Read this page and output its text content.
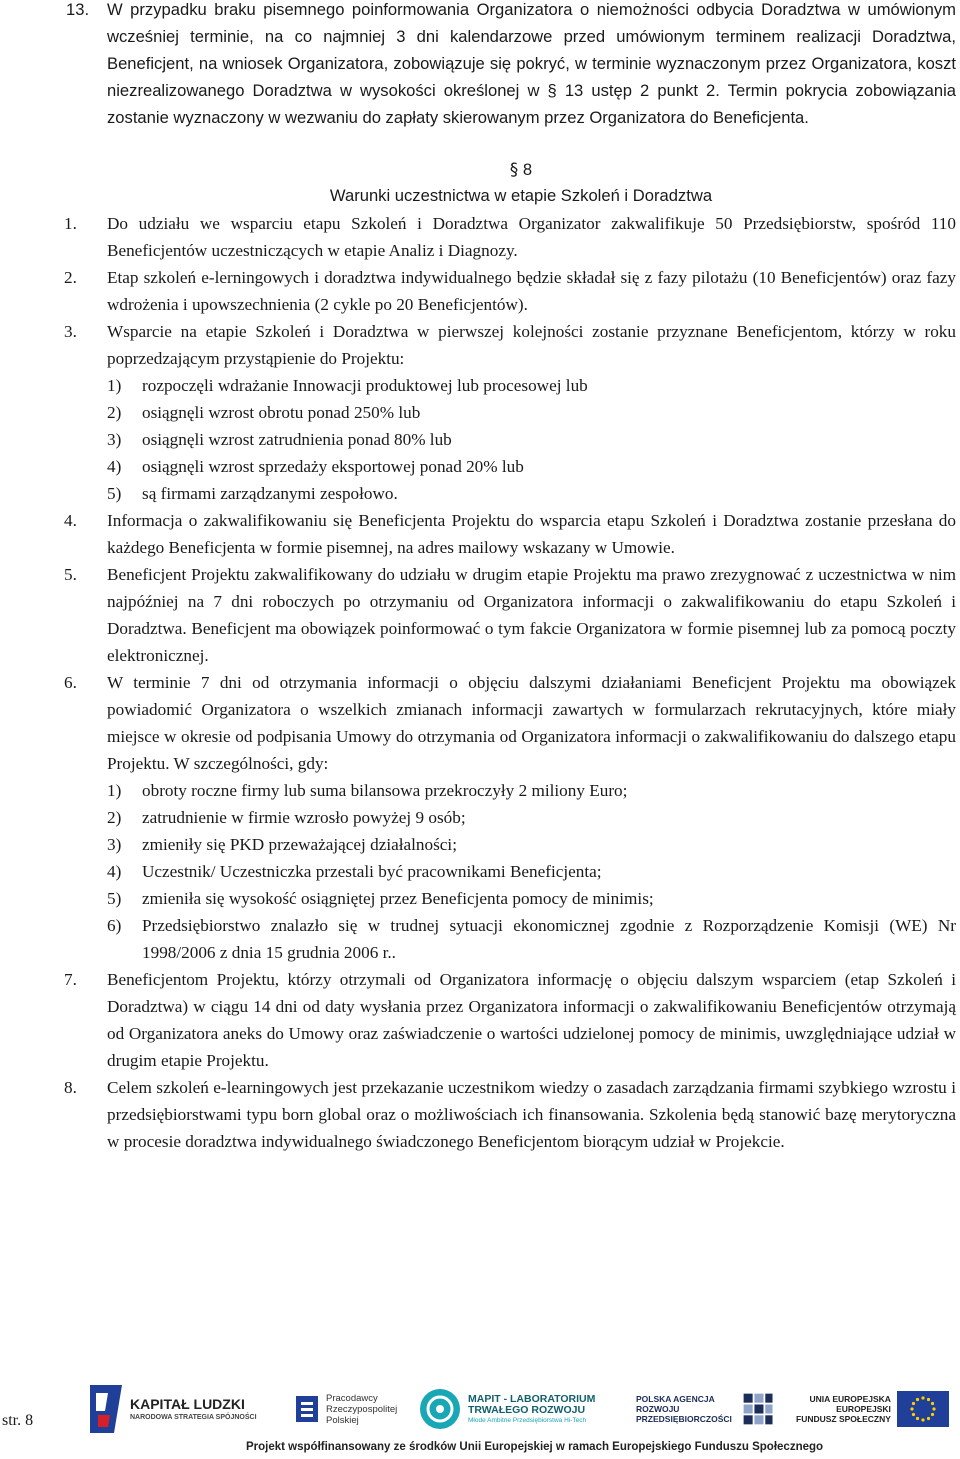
13. W przypadku braku pisemnego poinformowania Organizatora o niemożności odbycia Doradztwa w umówionym wcześniej terminie, na co najmniej 3 dni kalendarzowe przed umówionym terminem realizacji Doradztwa, Beneficjent, na wniosek Organizatora, zobowiązuje się pokryć, w terminie wyznaczonym przez Organizatora, koszt niezrealizowanego Doradztwa w wysokości określonej w § 13 ustęp 2 punkt 2. Termin pokrycia zobowiązania zostanie wyznaczony w wezwaniu do zapłaty skierowanym przez Organizatora do Beneficjenta.
§ 8
Warunki uczestnictwa w etapie Szkoleń i Doradztwa
1. Do udziału we wsparciu etapu Szkoleń i Doradztwa Organizator zakwalifikuje 50 Przedsiębiorstw, spośród 110 Beneficjentów uczestniczących w etapie Analiz i Diagnozy.
2. Etap szkoleń e-lerningowych i doradztwa indywidualnego będzie składał się z fazy pilotażu (10 Beneficjentów) oraz fazy wdrożenia i upowszechnienia (2 cykle po 20 Beneficjentów).
3. Wsparcie na etapie Szkoleń i Doradztwa w pierwszej kolejności zostanie przyznane Beneficjentom, którzy w roku poprzedzającym przystąpienie do Projektu:
1) rozpoczęli wdrażanie Innowacji produktowej lub procesowej lub
2) osiągnęli wzrost obrotu ponad 250% lub
3) osiągnęli wzrost zatrudnienia ponad 80% lub
4) osiągnęli wzrost sprzedaży eksportowej ponad 20% lub
5) są firmami zarządzanymi zespołowo.
4. Informacja o zakwalifikowaniu się Beneficjenta Projektu do wsparcia etapu Szkoleń i Doradztwa zostanie przesłana do każdego Beneficjenta w formie pisemnej, na adres mailowy wskazany w Umowie.
5. Beneficjent Projektu zakwalifikowany do udziału w drugim etapie Projektu ma prawo zrezygnować z uczestnictwa w nim najpóźniej na 7 dni roboczych po otrzymaniu od Organizatora informacji o zakwalifikowaniu do etapu Szkoleń i Doradztwa. Beneficjent ma obowiązek poinformować o tym fakcie Organizatora w formie pisemnej lub za pomocą poczty elektronicznej.
6. W terminie 7 dni od otrzymania informacji o objęciu dalszymi działaniami Beneficjent Projektu ma obowiązek powiadomić Organizatora o wszelkich zmianach informacji zawartych w formularzach rekrutacyjnych, które miały miejsce w okresie od podpisania Umowy do otrzymania od Organizatora informacji o zakwalifikowaniu do dalszego etapu Projektu. W szczególności, gdy:
1) obroty roczne firmy lub suma bilansowa przekroczyły 2 miliony Euro;
2) zatrudnienie w firmie wzrosło powyżej 9 osób;
3) zmieniły się PKD przeważającej działalności;
4) Uczestnik/ Uczestniczka przestali być pracownikami Beneficjenta;
5) zmieniła się wysokość osiągniętej przez Beneficjenta pomocy de minimis;
6) Przedsiębiorstwo znalazło się w trudnej sytuacji ekonomicznej zgodnie z Rozporządzenie Komisji (WE) Nr 1998/2006 z dnia 15 grudnia 2006 r..
7. Beneficjentom Projektu, którzy otrzymali od Organizatora informację o objęciu dalszym wsparciem (etap Szkoleń i Doradztwa) w ciągu 14 dni od daty wysłania przez Organizatora informacji o zakwalifikowaniu Beneficjentów otrzymają od Organizatora aneks do Umowy oraz zaświadczenie o wartości udzielonej pomocy de minimis, uwzględniające udział w drugim etapie Projektu.
8. Celem szkoleń e-learningowych jest przekazanie uczestnikom wiedzy o zasadach zarządzania firmami szybkiego wzrostu i przedsiębiorstwami typu born global oraz o możliwościach ich finansowania. Szkolenia będą stanowić bazę merytoryczna w procesie doradztwa indywidualnego świadczonego Beneficjentom biorącym udział w Projekcie.
str. 8
KAPITAŁ LUDZKI
NARODOWA STRATEGIA SPÓJNOŚCI
Pracodawcy
Rzeczypospolitej
Polskiej
MAPIT - LABORATORIUM
TRWAŁEGO ROZWOJU
Młode Ambitne Przedsiębiorstwa Hi-Tech
POLSKA AGENCJA
ROZWOJU
PRZEDSIĘBIORCZOŚCI
UNIA EUROPEJSKA
EUROPEJSKI
FUNDUSZ SPOŁECZNY
Projekt współfinansowany ze środków Unii Europejskiej w ramach Europejskiego Funduszu Społecznego
